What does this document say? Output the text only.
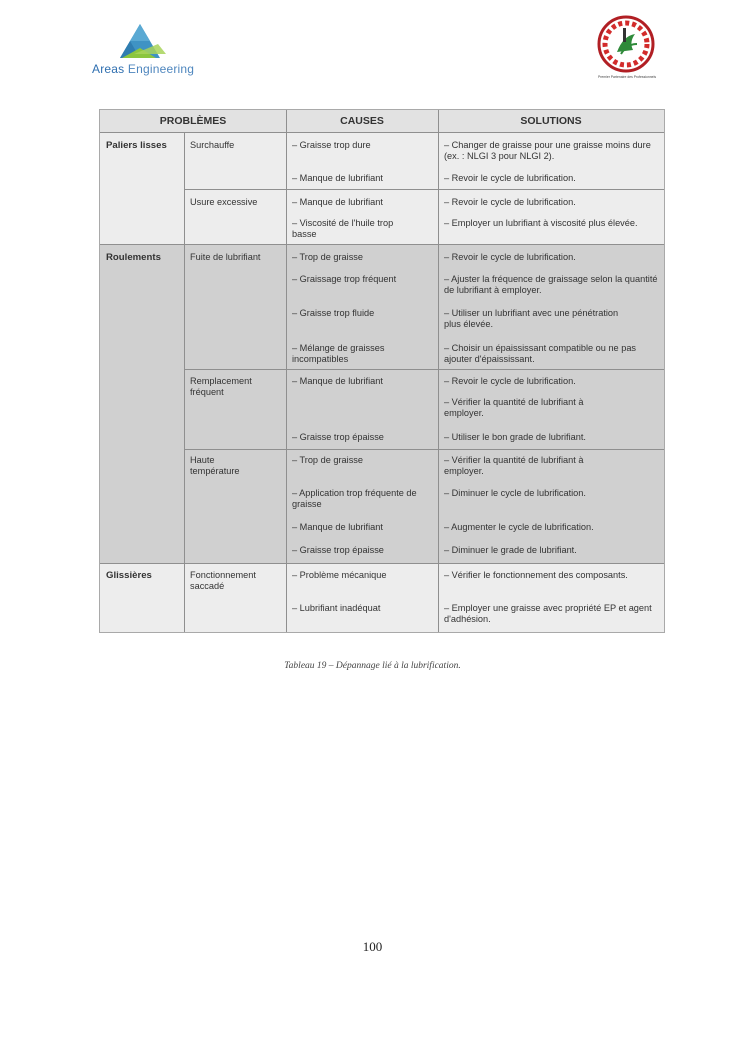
Areas Engineering
Premier Partenaire des Professionnels
PROBLÈMES	CAUSES	SOLUTIONS
Paliers lisses
Roulements
Glissières
Surchauffe
Usure excessive
Fuite de lubrifiant
Remplacement fréquent
Haute température
Fonctionnement saccadé
– Graisse trop dure
– Manque de lubrifiant
– Manque de lubrifiant
– Viscosité de l'huile trop basse
– Trop de graisse
– Graissage trop fréquent
– Graisse trop fluide
– Mélange de graisses incompatibles
– Manque de lubrifiant
– Graisse trop épaisse
– Trop de graisse
– Application trop fréquente de graisse
– Manque de lubrifiant
– Graisse trop épaisse
– Problème mécanique
– Lubrifiant inadéquat
– Changer de graisse pour une graisse moins dure (ex. : NLGI 3 pour NLGI 2).
– Revoir le cycle de lubrification.
– Revoir le cycle de lubrification.
– Employer un lubrifiant à viscosité plus élevée.
– Revoir le cycle de lubrification.
– Ajuster la fréquence de graissage selon la quantité de lubrifiant à employer.
– Utiliser un lubrifiant avec une pénétration plus élevée.
– Choisir un épaississant compatible ou ne pas ajouter d'épaississant.
– Revoir le cycle de lubrification.
– Vérifier la quantité de lubrifiant à employer.
– Utiliser le bon grade de lubrifiant.
– Vérifier la quantité de lubrifiant à employer.
– Diminuer le cycle de lubrification.
– Augmenter le cycle de lubrification.
– Diminuer le grade de lubrifiant.
– Vérifier le fonctionnement des composants.
– Employer une graisse avec propriété EP et agent d'adhésion.
Tableau 19 – Dépannage lié à la lubrification.
100
